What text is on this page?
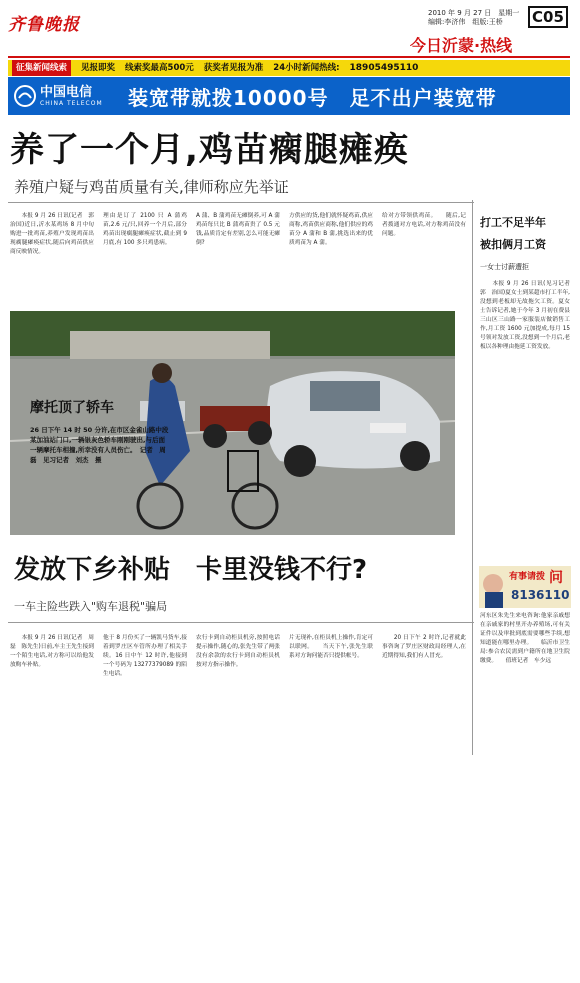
齐鲁晚报
2010 年 9 月 27 日　星期一
编辑:李济伟　组版:王桥	C05
今日沂蒙·热线
征集新闻线索	见报即奖 线索奖最高500元 获奖者见报为准 24小时新闻热线: 18905495110
中国电信
CHINA TELECOM 装宽带就拨10000号　足不出户装宽带
养了一个月,鸡苗瘸腿瘫痪
养殖户疑与鸡苗质量有关,律师称应先举证
　　本报 9 月 26 日讯(记者　郭治国)近日,沂水某鸡场 8 月中旬购进一批鸡苗,养殖户发现鸡苗出现瘸腿瘫痪症状,随后向鸡苗供应商反映情况。
理由是订了 2100 只 A 蒲鸡苗,2.6 元/只,回养一个月后,部分鸡苗出现瘸腿瘫痪症状,截止到 9 月底,有 100 多只鸡患病。
A 蒲、B 蒲鸡苗无瘫倒养,可 A 蒲鸡苗每只比 B 蒲鸡苗贵了 0.5 元钱,品质肯定有差别,怎么可能无瘫倒?
方供应的货,他们就怀疑鸡苗,供应商称,鸡苗供应商称,他们供应的鸡苗分 A 蒲和 B 蒲,挑选出来的优质鸡苗为 A 蒲。
给对方带领供鸡苗。　　随后,记者拨通对方电话,对方称鸡苗没有问题。
摩托顶了轿车
26 日下午 14 时 50 分许,在市区金雀山路中段某加油站门口,一辆银灰色轿车刚刚驶出,与后面一辆摩托车相撞,所幸没有人员伤亡。　记者　周磊　见习记者　刘杰　摄
发放下乡补贴　卡里没钱不行?
一车主险些跌入"购车退税"骗局
　　本报 9 月 26 日讯(记者　周磊　陈先生)日前,车主王先生接到一个陌生电话,对方称可以给他发放购车补贴。
他于 8 月份买了一辆凯马货车,接着到罗庄区车管所办理了相关手续。16 日中午 12 时许,他接到一个号码为 13277379089 的陌生电话。
农行卡到自动柜员机旁,按照电话提示操作,随心的,张先生带了两张没有余款的农行卡到自动柜员机按对方指示操作。
片无现补,在柜员机上操作,肯定可以联网。　　当天下午,张先生联系对方询问能否只提供帐号。
　　20 日下午 2 时许,记者就此事咨询了罗庄区财政局经理人,在近期得知,我们有人冒充。
打工不足半年
被扣俩月工资
一女士讨薪遭拒
　　本报 9 月 26 日讯(见习记者　郭　治国)夏女士到某超市打工半年,没想到老板却无故拖欠工资。夏女士告诉记者,她于今年 3 月初在费县三山区三山路一家服装店做销售工作,月工资 1600 元加提成,每月 15 号领对发放工资,没想到一个月后,老板以各种理由拖延工资发放。
有事请拨 问
8136110
河东区朱先生来电咨询:他家亲戚想在亲戚家的村里开办养殖场,可有关证件以及审批到底需要哪些手续,想知道能在哪里办理。　　临沂市卫生局:参合农民需到户籍所在地卫生院缴费。　　值班记者　车少远
